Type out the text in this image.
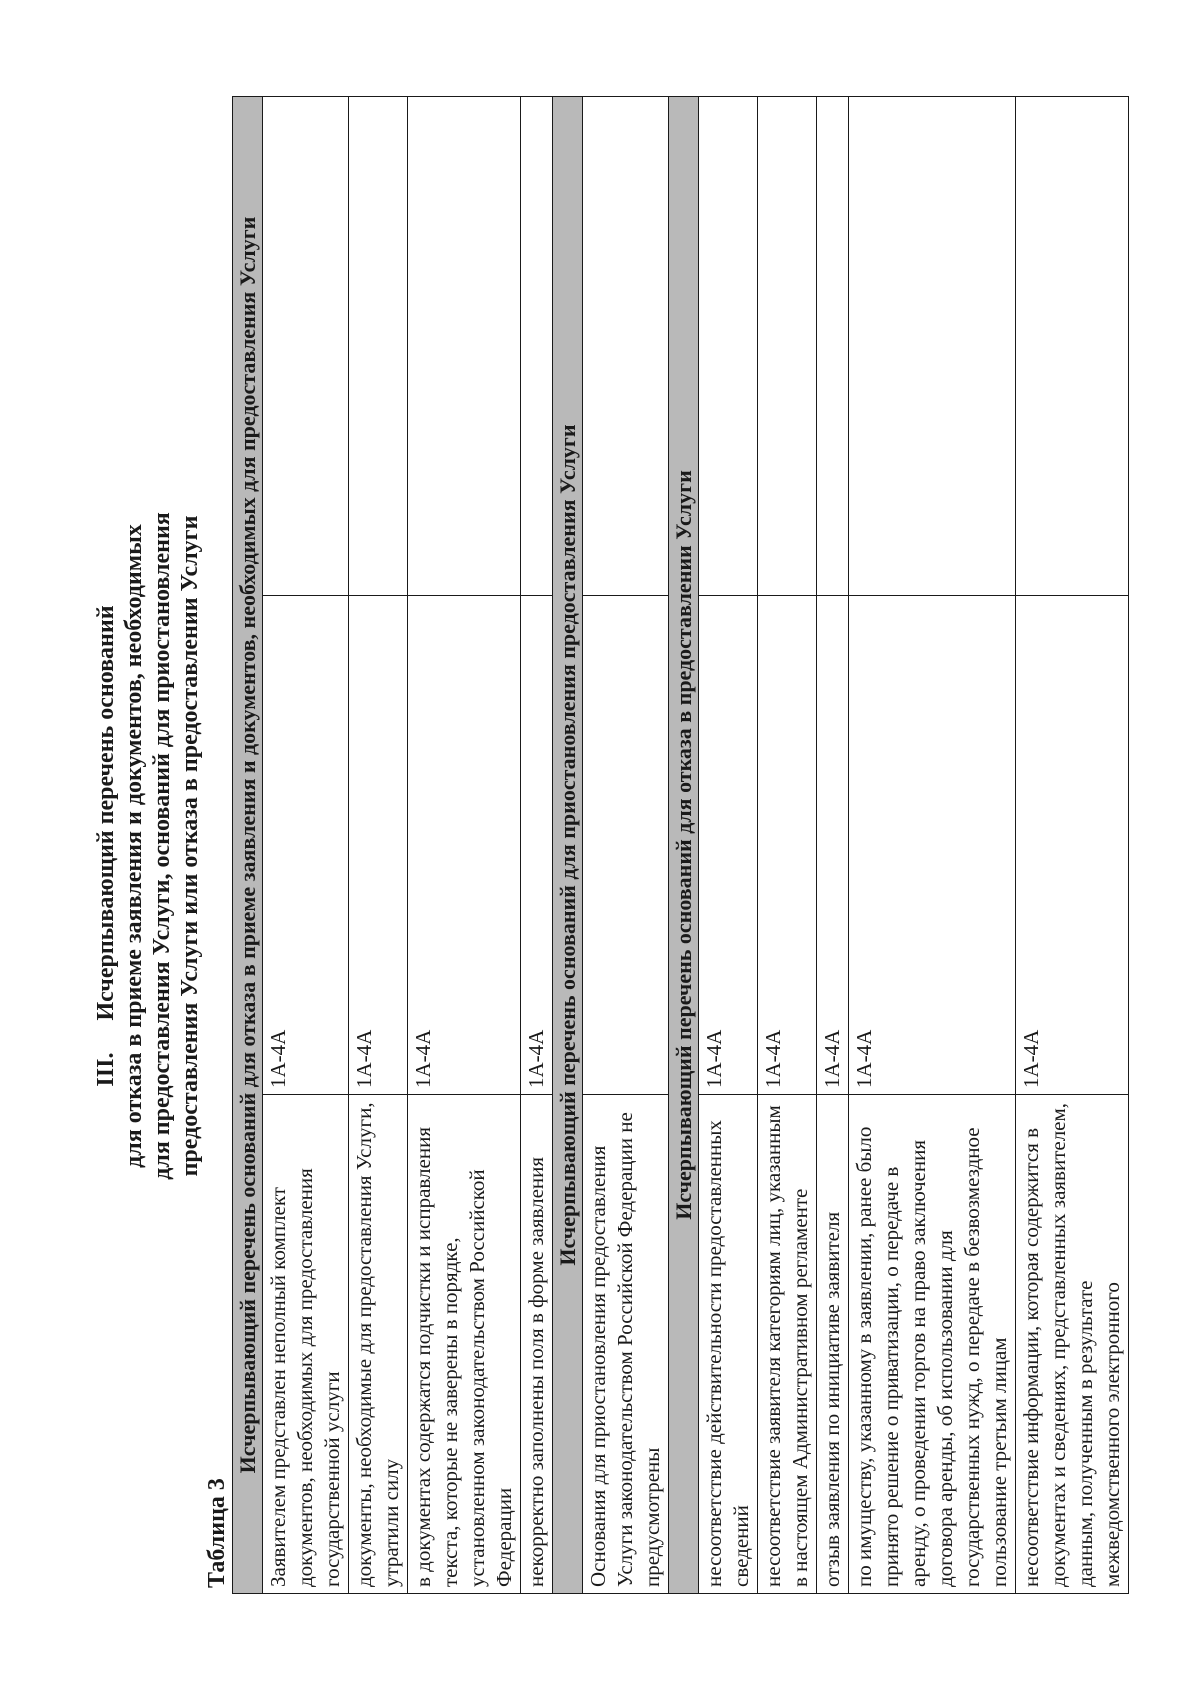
III.Исчерпывающий перечень оснований для отказа в приеме заявления и документов, необходимых для предоставления Услуги, оснований для приостановления предоставления Услуги или отказа в предоставлении Услуги
Таблица 3
Исчерпывающий перечень оснований для отказа в приеме заявления и документов, необходимых для предоставления Услуги		
Заявителем представлен неполный комплект документов, необходимых для предоставления государственной услуги	1А-4А	
документы, необходимые для предоставления Услуги, утратили силу	1А-4А	
в документах содержатся подчистки и исправления текста, которые не заверены в порядке, установленном законодательством Российской Федерации	1А-4А	
некорректно заполнены поля в форме заявления	1А-4А	
Исчерпывающий перечень оснований для приостановления предоставления Услуги		
Основания для приостановления предоставления Услуги законодательством Российской Федерации не предусмотрены		
Исчерпывающий перечень оснований для отказа в предоставлении Услуги		
несоответствие действительности предоставленных сведений	1А-4А	
несоответствие заявителя категориям лиц, указанным в настоящем Административном регламенте	1А-4А	
отзыв заявления по инициативе заявителя	1А-4А	
по имуществу, указанному в заявлении, ранее было принято решение о приватизации, о передаче в аренду, о проведении торгов на право заключения договора аренды, об использовании для государственных нужд, о передаче в безвозмездное пользование третьим лицам	1А-4А	
несоответствие информации, которая содержится в документах и сведениях, представленных заявителем, данным, полученным в результате межведомственного электронного	1А-4А	
